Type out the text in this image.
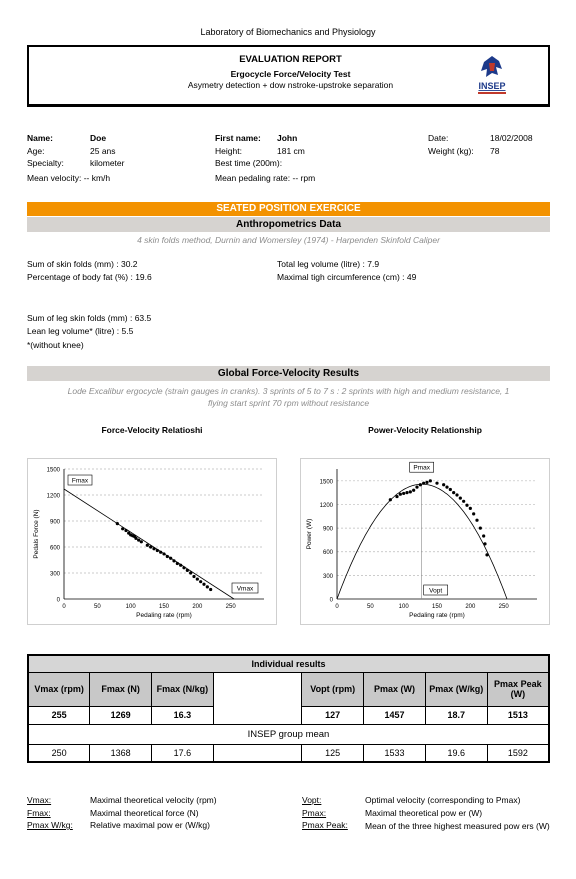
Laboratory of Biomechanics and Physiology
EVALUATION REPORT
Ergocycle Force/Velocity Test
Asymetry detection + dow nstroke-upstroke separation	INSEP
Name:	Doe	First name: John	Date:	18/02/2008
Age:	25 ans	Height:	181 cm	Weight (kg): 78
Specialty:	kilometer	Best time (200m):
Mean velocity: -- km/h	Mean pedaling rate: -- rpm
SEATED POSITION EXERCICE
Anthropometrics Data
4 skin folds method, Durnin and Womersley (1974) - Harpenden Skinfold Caliper
Sum of skin folds (mm) : 30.2	Total leg volume (litre) : 7.9
Percentage of body fat (%) : 19.6	Maximal tigh circumference (cm) : 49
Sum of leg skin folds (mm) : 63.5
Lean leg volume* (litre) : 5.5
*(without knee)
Global Force-Velocity Results
Lode Excalibur ergocycle (strain gauges in cranks). 3 sprints of 5 to 7 s : 2 sprints with high and medium resistance, 1
flying start sprint 70 rpm without resistance
Force-Velocity Relatioshi	Power-Velocity Relationship
0
300
600
900
1200
1500
0	50	100	150	200	250
Pedaling rate (rpm)
Pedals Force (N)
Fmax
Vmax
0
300
600
900
1200
1500
0	50	100	150	200	250
Pedaling rate (rpm)
Power (W)
Pmax
Vopt
Individual results							
Vmax (rpm)	Fmax (N)	Fmax (N/kg)		Vopt (rpm)	Pmax (W)	Pmax (W/kg)	Pmax Peak (W)
255	1269	16.3		127	1457	18.7	1513
INSEP group mean							
250	1368	17.6		125	1533	19.6	1592
Vmax:	Maximal theoretical velocity (rpm)
Fmax:	Maximal theoretical force (N)
Pmax W/kg: Relative maximal pow er (W/kg)
Vopt:	Optimal velocity (corresponding to Pmax)
Pmax:	Maximal theoretical pow er (W)
Pmax Peak: Mean of the three highest measured pow ers (W)
